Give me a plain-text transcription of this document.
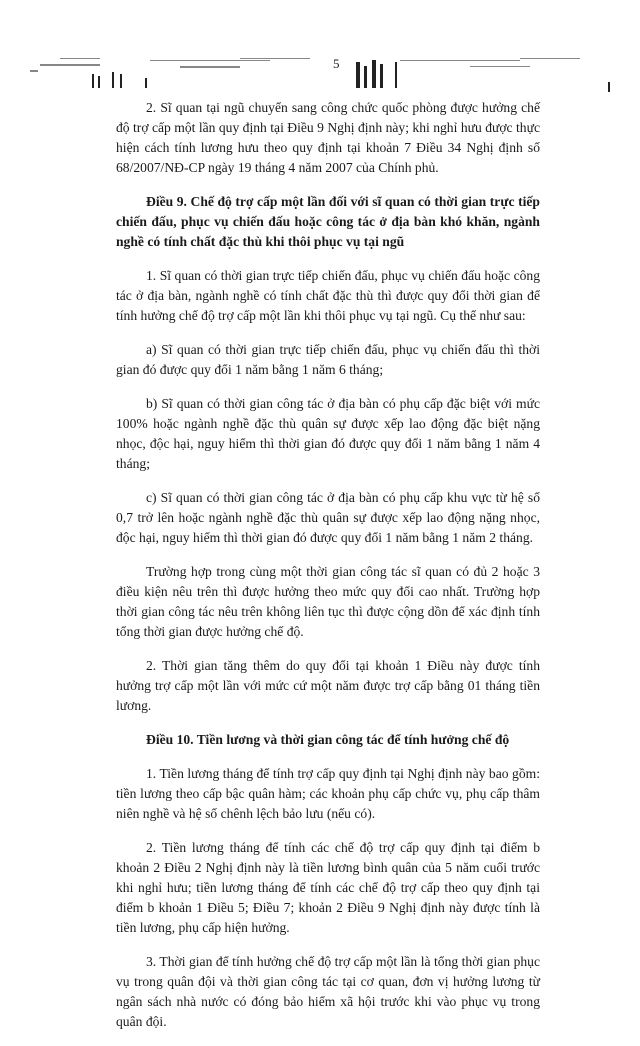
5

2. Sĩ quan tại ngũ chuyển sang công chức quốc phòng được hưởng chế độ trợ cấp một lần quy định tại Điều 9 Nghị định này; khi nghỉ hưu được thực hiện cách tính lương hưu theo quy định tại khoản 7 Điều 34 Nghị định số 68/2007/NĐ-CP ngày 19 tháng 4 năm 2007 của Chính phủ.

Điều 9. Chế độ trợ cấp một lần đối với sĩ quan có thời gian trực tiếp chiến đấu, phục vụ chiến đấu hoặc công tác ở địa bàn khó khăn, ngành nghề có tính chất đặc thù khi thôi phục vụ tại ngũ

1. Sĩ quan có thời gian trực tiếp chiến đấu, phục vụ chiến đấu hoặc công tác ở địa bàn, ngành nghề có tính chất đặc thù thì được quy đổi thời gian để tính hưởng chế độ trợ cấp một lần khi thôi phục vụ tại ngũ. Cụ thể như sau:

a) Sĩ quan có thời gian trực tiếp chiến đấu, phục vụ chiến đấu thì thời gian đó được quy đổi 1 năm bằng 1 năm 6 tháng;

b) Sĩ quan có thời gian công tác ở địa bàn có phụ cấp đặc biệt với mức 100% hoặc ngành nghề đặc thù quân sự được xếp lao động đặc biệt nặng nhọc, độc hại, nguy hiểm thì thời gian đó được quy đổi 1 năm bằng 1 năm 4 tháng;

c) Sĩ quan có thời gian công tác ở địa bàn có phụ cấp khu vực từ hệ số 0,7 trở lên hoặc ngành nghề đặc thù quân sự được xếp lao động nặng nhọc, độc hại, nguy hiểm thì thời gian đó được quy đổi 1 năm bằng 1 năm 2 tháng.

Trường hợp trong cùng một thời gian công tác sĩ quan có đủ 2 hoặc 3 điều kiện nêu trên thì được hưởng theo mức quy đổi cao nhất. Trường hợp thời gian công tác nêu trên không liên tục thì được cộng dồn để xác định tính tổng thời gian được hưởng chế độ.

2. Thời gian tăng thêm do quy đổi tại khoản 1 Điều này được tính hưởng trợ cấp một lần với mức cứ một năm được trợ cấp bằng 01 tháng tiền lương.

Điều 10. Tiền lương và thời gian công tác để tính hưởng chế độ

1. Tiền lương tháng để tính trợ cấp quy định tại Nghị định này bao gồm: tiền lương theo cấp bậc quân hàm; các khoản phụ cấp chức vụ, phụ cấp thâm niên nghề và hệ số chênh lệch bảo lưu (nếu có).

2. Tiền lương tháng để tính các chế độ trợ cấp quy định tại điểm b khoản 2 Điều 2 Nghị định này là tiền lương bình quân của 5 năm cuối trước khi nghỉ hưu; tiền lương tháng để tính các chế độ trợ cấp theo quy định tại điểm b khoản 1 Điều 5; Điều 7; khoản 2 Điều 9 Nghị định này được tính là tiền lương, phụ cấp hiện hưởng.

3. Thời gian để tính hưởng chế độ trợ cấp một lần là tổng thời gian phục vụ trong quân đội và thời gian công tác tại cơ quan, đơn vị hưởng lương từ ngân sách nhà nước có đóng bảo hiểm xã hội trước khi vào phục vụ trong quân đội.
